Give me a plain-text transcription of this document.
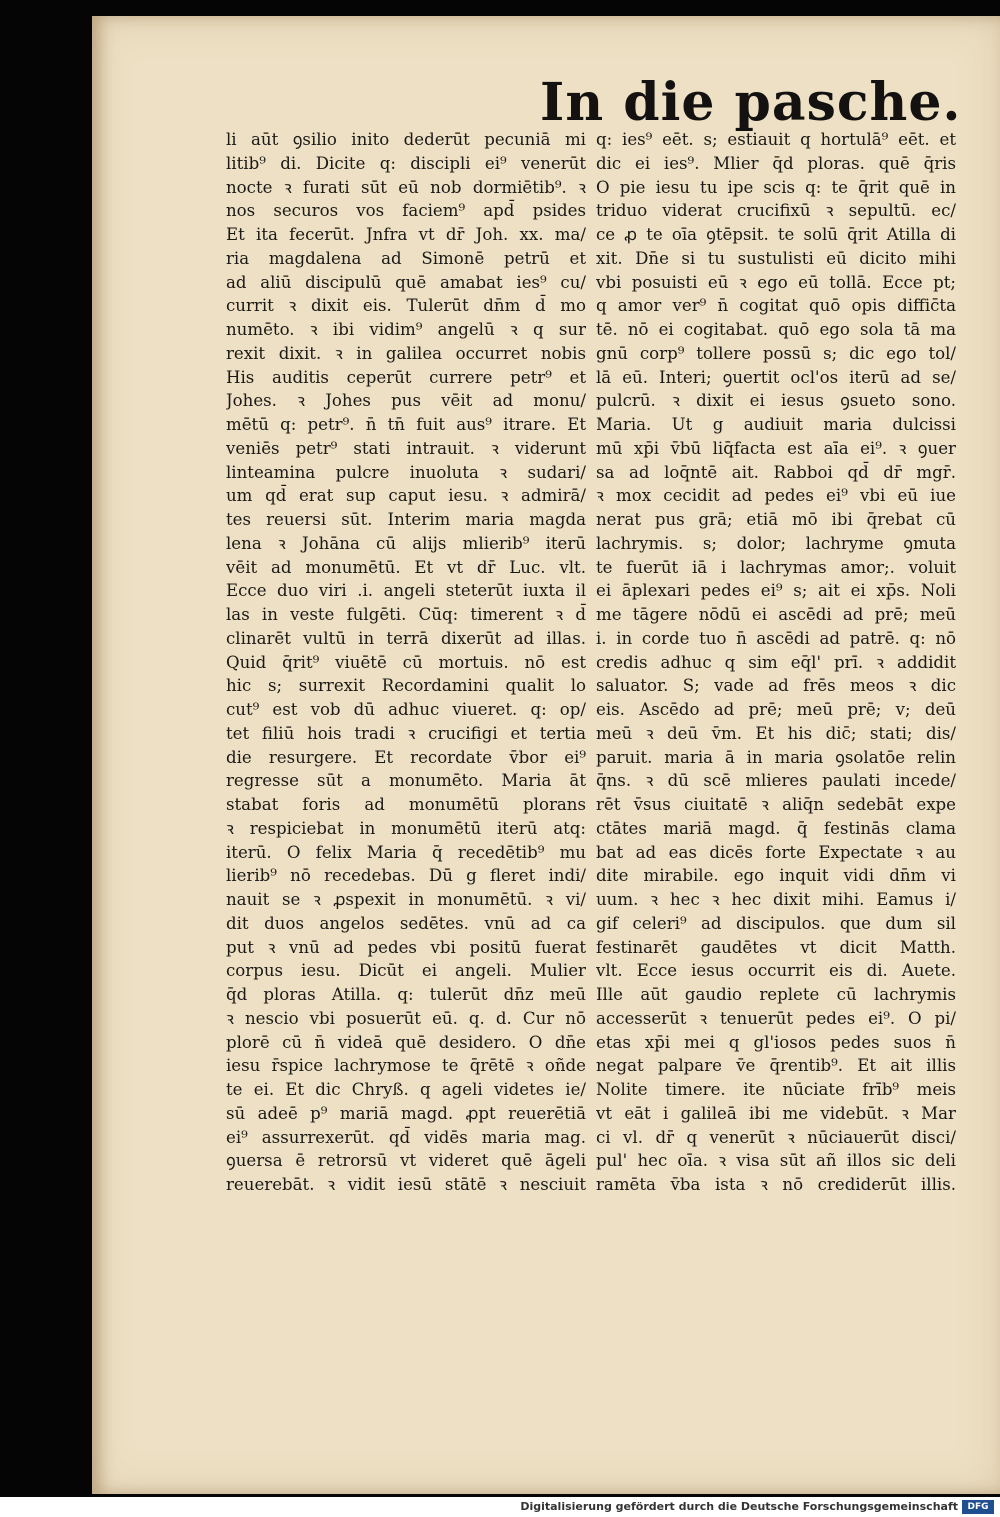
In die pasche.
li aūt ꝯsilio inito dederūt pecuniā mi
litib⁹ di. Dicite q: discipli ei⁹ venerūt
nocte ꝛ furati sūt eū nob dormiētib⁹. ꝛ
nos securos vos faciem⁹ apd̄ psides
Et ita fecerūt. Jnfra vt dr̄ Joh. xx. ma/
ria magdalena ad Simonē petrū et
ad aliū discipulū quē amabat ies⁹ cu/
currit ꝛ dixit eis. Tulerūt dn̄m d̄ mo
numēto. ꝛ ibi vidim⁹ angelū ꝛ q sur
rexit dixit. ꝛ in galilea occurret nobis
His auditis ceperūt currere petr⁹ et
Johes. ꝛ Johes pus vēit ad monu/
mētū q: petr⁹. n̄ tn̄ fuit aus⁹ itrare. Et
veniēs petr⁹ stati intrauit. ꝛ viderunt
linteamina pulcre inuoluta ꝛ sudari/
um qd̄ erat sup caput iesu. ꝛ admirā/
tes reuersi sūt. Interim maria magda
lena ꝛ Johāna cū alijs mlierib⁹ iterū
vēit ad monumētū. Et vt dr̄ Luc. vlt.
Ecce duo viri .i. angeli steterūt iuxta il
las in veste fulgēti. Cūq: timerent ꝛ d̄
clinarēt vultū in terrā dixerūt ad illas.
Quid q̄rit⁹ viuētē cū mortuis. nō est
hic s; surrexit Recordamini qualit lo
cut⁹ est vob dū adhuc viueret. q: op/
tet filiū hois tradi ꝛ crucifigi et tertia
die resurgere. Et recordate v̄bor ei⁹
regresse sūt a monumēto. Maria āt
stabat foris ad monumētū plorans
ꝛ respiciebat in monumētū iterū atq:
iterū. O felix Maria q̄ recedētib⁹ mu
lierib⁹ nō recedebas. Dū g fleret indi/
nauit se ꝛ ꝓspexit in monumētū. ꝛ vi/
dit duos angelos sedētes. vnū ad ca
put ꝛ vnū ad pedes vbi positū fuerat
corpus iesu. Dicūt ei angeli. Mulier
q̄d ploras Atilla. q: tulerūt dn̄z meū
ꝛ nescio vbi posuerūt eū. q. d. Cur nō
plorē cū n̄ videā quē desidero. O dn̄e
iesu r̄spice lachrymose te q̄rētē ꝛ oñde
te ei. Et dic Chryß. q ageli videtes ie/
sū adeē p⁹ mariā magd. ꝓpt reuerētiā
ei⁹ assurrexerūt. qd̄ vidēs maria mag.
ꝯuersa ē retrorsū vt videret quē āgeli
reuerebāt. ꝛ vidit iesū stātē ꝛ nesciuit
q: ies⁹ eēt. s; estiauit q hortulā⁹ eēt. et
dic ei ies⁹. Mlier q̄d ploras. quē q̄ris
O pie iesu tu ipe scis q: te q̄rit quē in
triduo viderat crucifixū ꝛ sepultū. ec/
ce ꝓ te oīa ꝯtēpsit. te solū q̄rit Atilla di
xit. Dn̄e si tu sustulisti eū dicito mihi
vbi posuisti eū ꝛ ego eū tollā. Ecce pt;
q amor ver⁹ n̄ cogitat quō opis diffic̄ta
tē. nō ei cogitabat. quō ego sola tā ma
gnū corp⁹ tollere possū s; dic ego tol/
lā eū. Interi; ꝯuertit ocl'os iterū ad se/
pulcrū. ꝛ dixit ei iesus ꝯsueto sono.
Maria. Ut g audiuit maria dulcissi
mū xp̄i v̄bū liq̄facta est aīa ei⁹. ꝛ ꝯuer
sa ad loq̄ntē ait. Rabboi qd̄ dr̄ mgr̄.
ꝛ mox cecidit ad pedes ei⁹ vbi eū iue
nerat pus grā; etiā mō ibi q̄rebat cū
lachrymis. s; dolor; lachryme ꝯmuta
te fuerūt iā i lachrymas amor;. voluit
ei āplexari pedes ei⁹ s; ait ei xp̄s. Noli
me tāgere nōdū ei ascēdi ad prē; meū
i. in corde tuo n̄ ascēdi ad patrē. q: nō
credis adhuc q sim eq̄l' prī. ꝛ addidit
saluator. S; vade ad frēs meos ꝛ dic
eis. Ascēdo ad prē; meū prē; v; deū
meū ꝛ deū v̄m. Et his dic̄; stati; dis/
paruit. maria ā in maria ꝯsolatōe relin
q̄ns. ꝛ dū scē mlieres paulati incede/
rēt v̄sus ciuitatē ꝛ aliq̄n sedebāt expe
ctātes mariā magd. q̄ festinās clama
bat ad eas dicēs forte Expectate ꝛ au
dite mirabile. ego inquit vidi dn̄m vi
uum. ꝛ hec ꝛ hec dixit mihi. Eamus i/
gif celeri⁹ ad discipulos. que dum sil
festinarēt gaudētes vt dicit Matth.
vlt. Ecce iesus occurrit eis di. Auete.
Ille aūt gaudio replete cū lachrymis
accesserūt ꝛ tenuerūt pedes ei⁹. O pi/
etas xp̄i mei q gl'iosos pedes suos n̄
negat palpare v̄e q̄rentib⁹. Et ait illis
Nolite timere. ite nūciate frīb⁹ meis
vt eāt i galileā ibi me videbūt. ꝛ Mar
ci vl. dr̄ q venerūt ꝛ nūciauerūt disci/
pul' hec oīa. ꝛ visa sūt añ illos sic deli
ramēta v̄ba ista ꝛ nō crediderūt illis.
Digitalisierung gefördert durch die Deutsche Forschungsgemeinschaft	DFG
